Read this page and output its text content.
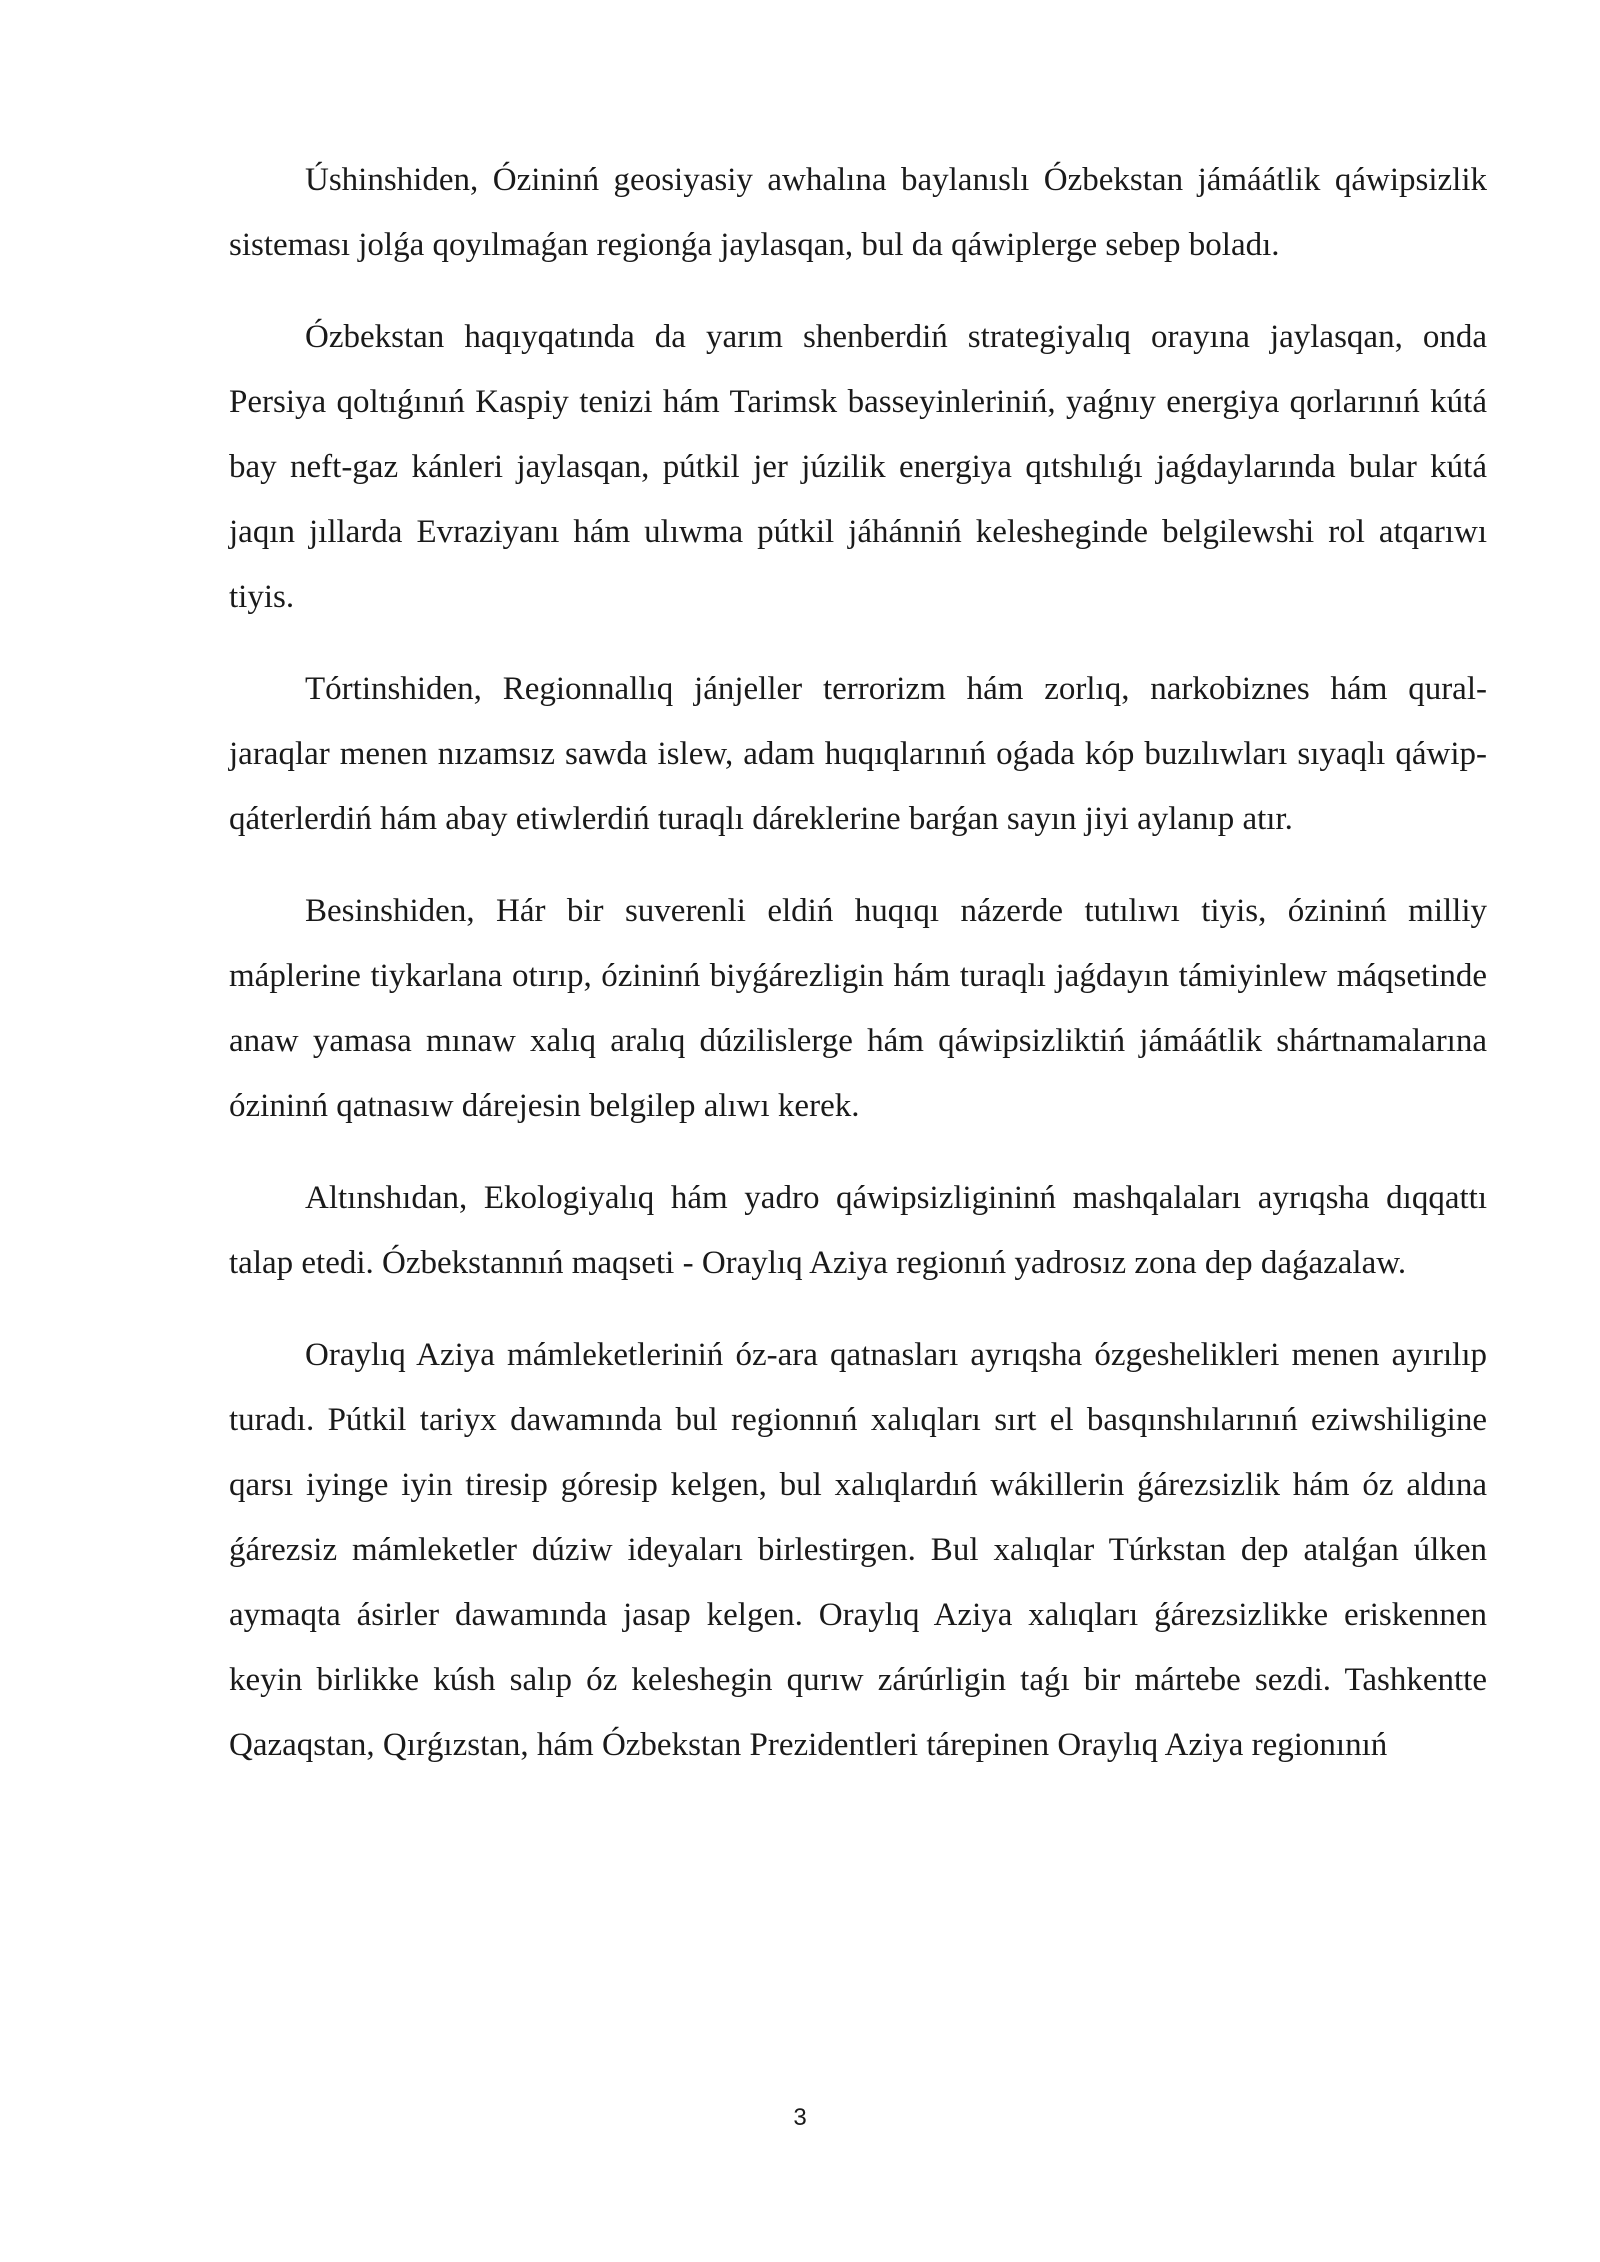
Úshinshiden, Ózininń geosiyasiy awhalına baylanıslı Ózbekstan jámáátlik qáwipsizlik sisteması jolǵa qoyılmaǵan regionǵa jaylasqan, bul da qáwiplerge sebep boladı.

Ózbekstan haqıyqatında da yarım shenberdiń strategiyalıq orayına jaylasqan, onda Persiya qoltıǵınıń Kaspiy tenizi hám Tarimsk basseyinleriniń, yaǵnıy energiya qorlarınıń kútá bay neft-gaz kánleri jaylasqan, pútkil jer júzilik energiya qıtshılıǵı jaǵdaylarında bular kútá jaqın jıllarda Evraziyanı hám ulıwma pútkil jáhánniń keleshеginde belgilewshi rol atqarıwı tiyis.

Tórtinshiden, Regionnallıq jánjeller terrorizm hám zorlıq, narkobiznes hám qural-jaraqlar menen nızamsız sawda islew, adam huqıqlarınıń oǵada kóp buzılıwları sıyaqlı qáwip-qáterlerdiń hám abay etiwlerdiń turaqlı dáreklerine barǵan sayın jiyi aylanıp atır.

Besinshiden, Hár bir suverenli eldiń huqıqı názerde tutılıwı tiyis, ózininń milliy máplerine tiykarlana otırıp, ózininń biyǵárezligin hám turaqlı jaǵdayın támiyinlew máqsetinde anaw yamasa mınaw xalıq aralıq dúzilislerge hám qáwipsizliktiń jámáátlik shártnamalarına ózininń qatnasıw dárejesin belgilep alıwı kerek.

Altınshıdan, Ekologiyalıq hám yadro qáwipsizligininń mashqalaları ayrıqsha dıqqattı talap etedi. Ózbekstannıń maqseti - Oraylıq Aziya regionıń yadrosız zona dep daǵazalaw.

Oraylıq Aziya mámleketleriniń óz-ara qatnasları ayrıqsha ózgeshelikleri menen ayırılıp turadı. Pútkil tariyx dawamında bul regionnıń xalıqları sırt el basqınshılarınıń eziwshiligine qarsı iyinge iyin tiresip góresip kelgen, bul xalıqlardıń wákillerin ǵárezsizlik hám óz aldına ǵárezsiz mámleketler dúziw ideyaları birlestirgen. Bul xalıqlar Túrkstan dep atalǵan úlken aymaqta ásirler dawamında jasap kelgen. Oraylıq Aziya xalıqları ǵárezsizlikke eriskennen keyin birlikke kúsh salıp óz keleshegin qurıw zárúrligin taǵı bir mártebe sezdi. Tashkentte Qazaqstan, Qırǵızstan, hám Ózbekstan Prezidentleri tárepinen Oraylıq Aziya regionınıń

3
